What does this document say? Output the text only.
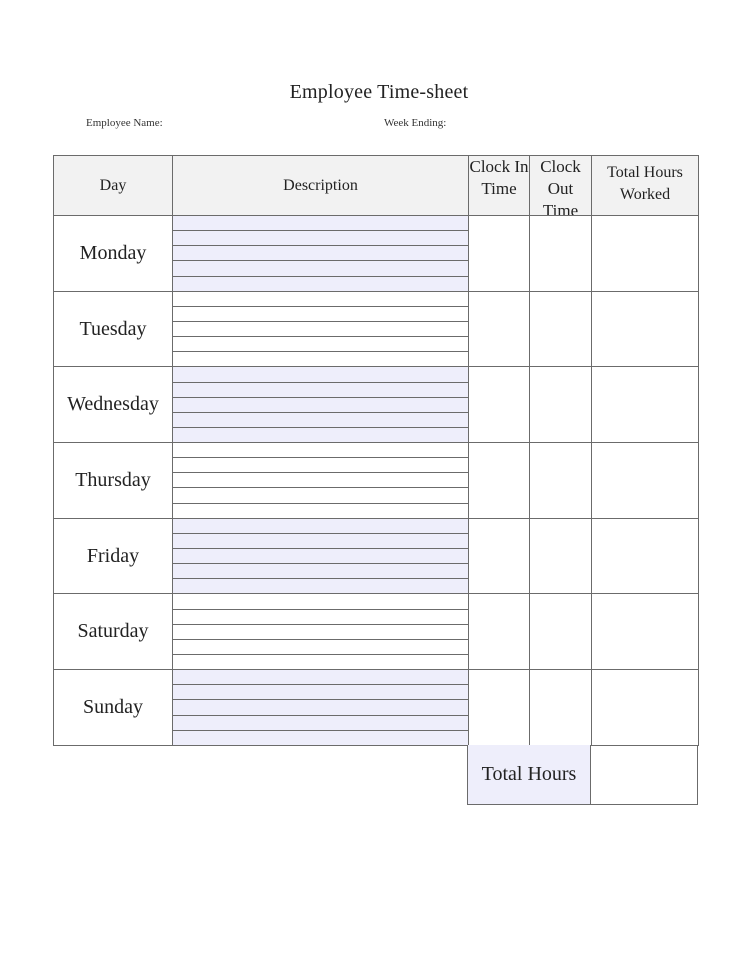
Employee Time-sheet
Employee Name:	Week Ending:
Day	Description
Clock In Time
Clock Out Time
Total Hours Worked
Monday
Tuesday
Wednesday
Thursday
Friday
Saturday
Sunday
Total Hours
